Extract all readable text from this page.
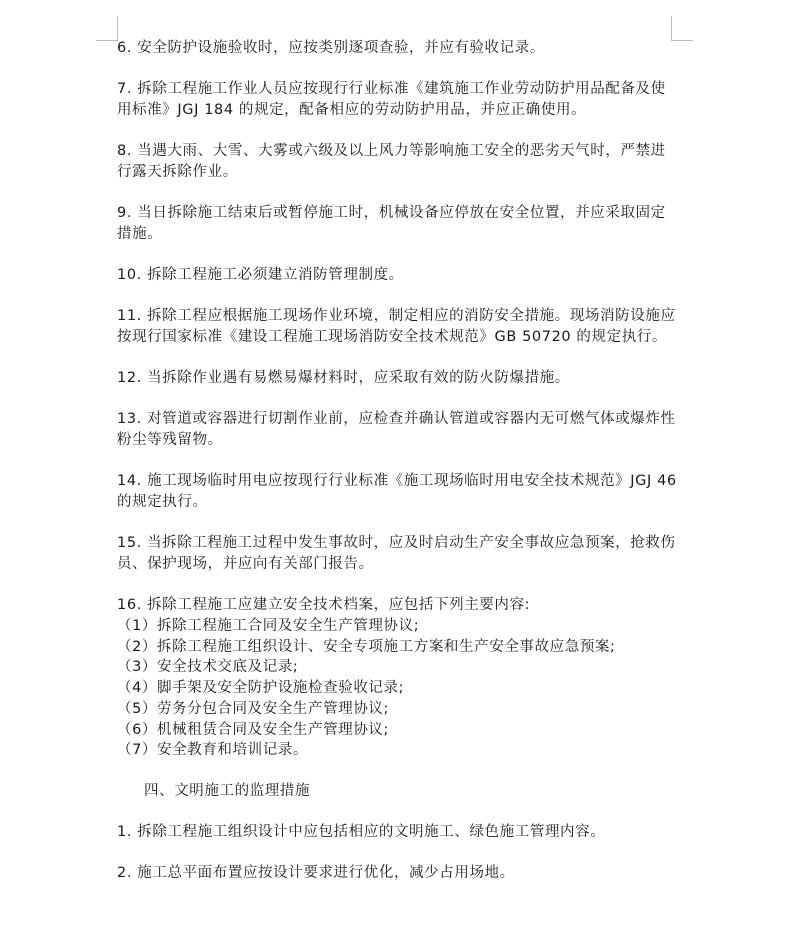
6. 安全防护设施验收时，应按类别逐项查验，并应有验收记录。

7. 拆除工程施工作业人员应按现行行业标准《建筑施工作业劳动防护用品配备及使用标准》JGJ 184 的规定，配备相应的劳动防护用品，并应正确使用。

8. 当遇大雨、大雪、大雾或六级及以上风力等影响施工安全的恶劣天气时，严禁进行露天拆除作业。

9. 当日拆除施工结束后或暂停施工时，机械设备应停放在安全位置，并应采取固定措施。

10. 拆除工程施工必须建立消防管理制度。

11. 拆除工程应根据施工现场作业环境，制定相应的消防安全措施。现场消防设施应按现行国家标准《建设工程施工现场消防安全技术规范》GB 50720 的规定执行。

12. 当拆除作业遇有易燃易爆材料时，应采取有效的防火防爆措施。

13. 对管道或容器进行切割作业前，应检查并确认管道或容器内无可燃气体或爆炸性粉尘等残留物。

14. 施工现场临时用电应按现行行业标准《施工现场临时用电安全技术规范》JGJ 46 的规定执行。

15. 当拆除工程施工过程中发生事故时，应及时启动生产安全事故应急预案，抢救伤员、保护现场，并应向有关部门报告。

16. 拆除工程施工应建立安全技术档案，应包括下列主要内容:

（1）拆除工程施工合同及安全生产管理协议;

（2）拆除工程施工组织设计、安全专项施工方案和生产安全事故应急预案;

（3）安全技术交底及记录;

（4）脚手架及安全防护设施检查验收记录;

（5）劳务分包合同及安全生产管理协议;

（6）机械租赁合同及安全生产管理协议;

（7）安全教育和培训记录。

四、文明施工的监理措施

1. 拆除工程施工组织设计中应包括相应的文明施工、绿色施工管理内容。

2. 施工总平面布置应按设计要求进行优化，减少占用场地。
